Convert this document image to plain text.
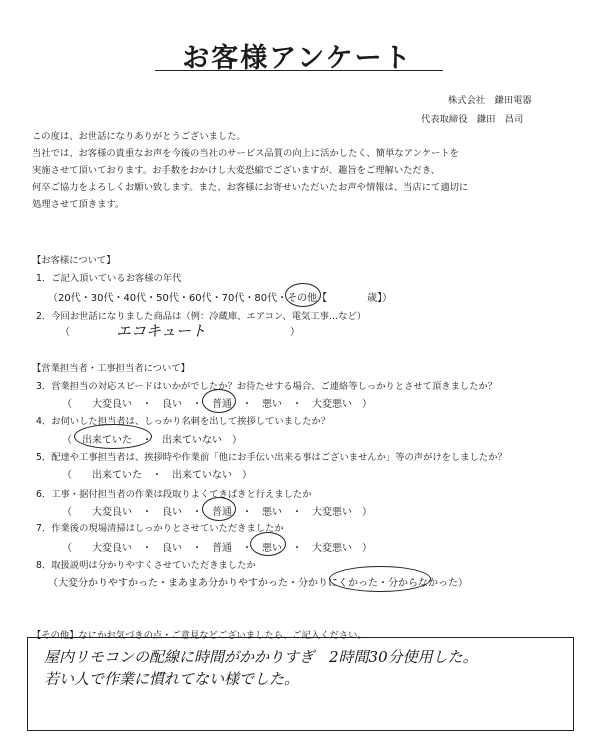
お客様アンケート
株式会社　鎌田電器
代表取締役　鎌田　昌司
この度は、お世話になりありがとうございました。
当社では、お客様の貴重なお声を今後の当社のサービス品質の向上に活かしたく、簡単なアンケートを
実施させて頂いております。お手数をおかけし大変恐縮でございますが、趣旨をご理解いただき、
何卒ご協力をよろしくお願い致します。また、お客様にお寄せいただいたお声や情報は、当店にて適切に
処理させて頂きます。
【お客様について】
1．ご記入頂いているお客様の年代
（20代・30代・40代・50代・60代・70代・80代・その他【　　　　歳】）
2．今回お世話になりました商品は（例：冷蔵庫、エアコン、電気工事…など）
（	エコキュート	）
【営業担当者・工事担当者について】
3．営業担当の対応スピードはいかがでしたか？お待たせする場合、ご連絡等しっかりとさせて頂きましたか？
（　　大変良い　・　良い　・　普通　・　悪い　・　大変悪い　）
4．お伺いした担当者は、しっかり名刺を出して挨拶していましたか？
（　出来ていた　・　出来ていない　）
5．配達や工事担当者は、挨拶時や作業前「他にお手伝い出来る事はございませんか」等の声がけをしましたか？
（　　出来ていた　・　出来ていない　）
6．工事・据付担当者の作業は段取りよくてきぱきと行えましたか
（　　大変良い　・　良い　・　普通　・　悪い　・　大変悪い　）
7．作業後の現場清掃はしっかりとさせていただきましたか
（　　大変良い　・　良い　・　普通　・　悪い　・　大変悪い　）
8．取扱説明は分かりやすくさせていただきましたか
（大変分かりやすかった・まあまあ分かりやすかった・分かりにくかった・分からなかった）
【その他】なにかお気づきの点・ご意見などございましたら、ご記入ください。
屋内リモコンの配線に時間がかかりすぎ　2時間30分使用した。
若い人で作業に慣れてない様でした。
